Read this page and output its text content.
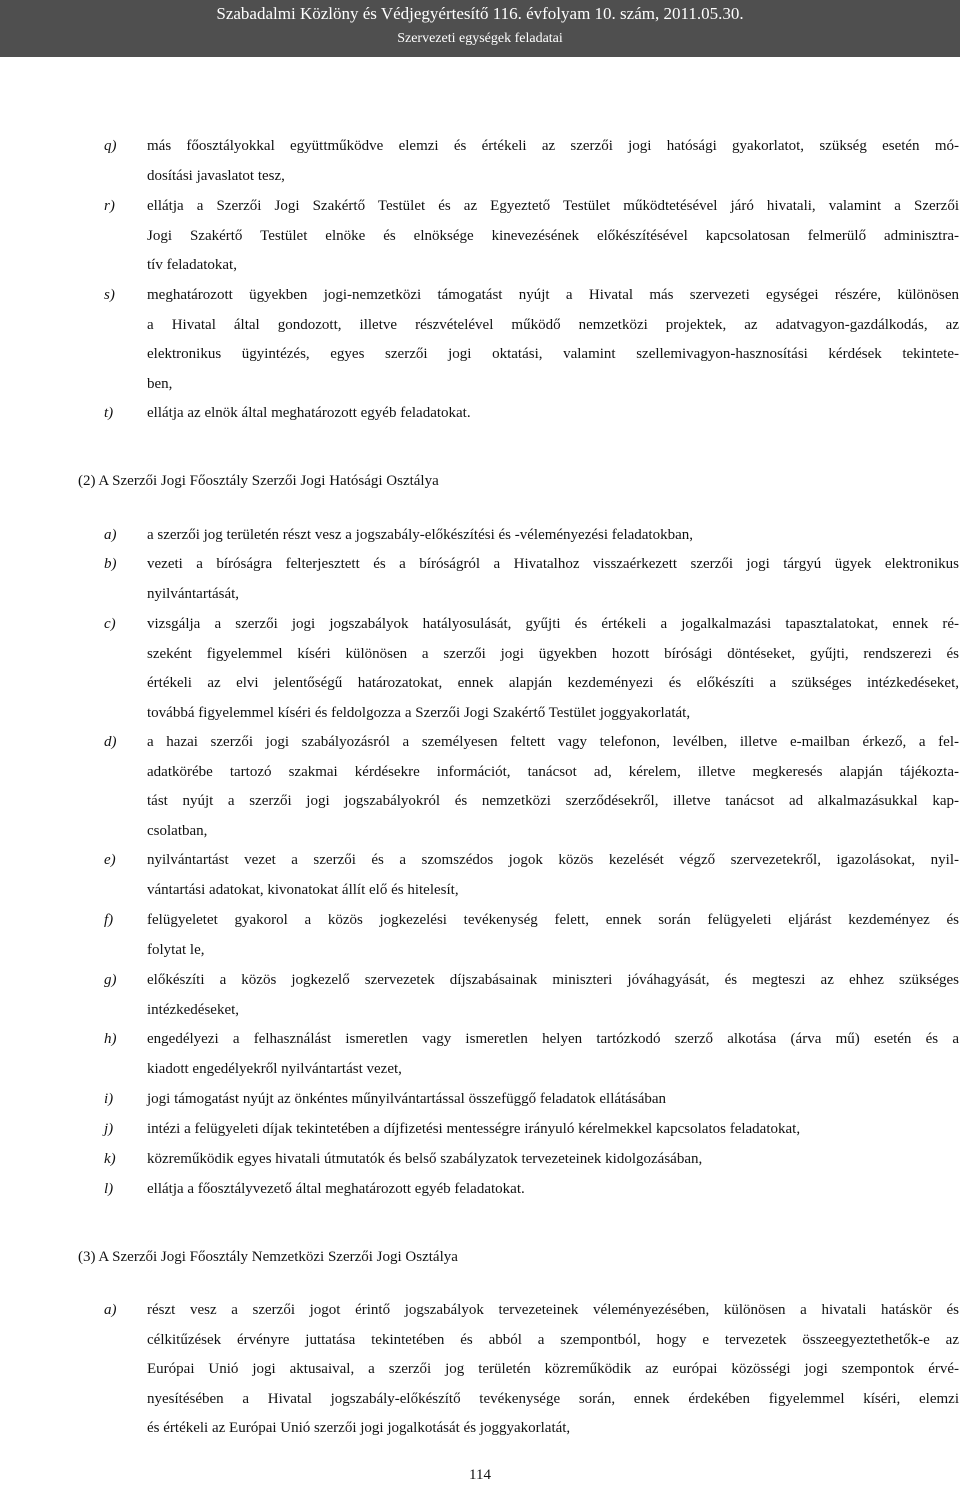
Szabadalmi Közlöny és Védjegyértesítő 116. évfolyam 10. szám, 2011.05.30.
Szervezeti egységek feladatai
q)	más főosztályokkal együttműködve elemzi és értékeli az szerzői jogi hatósági gyakorlatot, szükség esetén mó-
dosítási javaslatot tesz,
r)	ellátja a Szerzői Jogi Szakértő Testület és az Egyeztető Testület működtetésével járó hivatali, valamint a Szerzői
Jogi Szakértő Testület elnöke és elnöksége kinevezésének előkészítésével kapcsolatosan felmerülő adminisztra-
tív feladatokat,
s)	meghatározott ügyekben jogi-nemzetközi támogatást nyújt a Hivatal más szervezeti egységei részére, különösen
a Hivatal által gondozott, illetve részvételével működő nemzetközi projektek, az adatvagyon-gazdálkodás, az
elektronikus ügyintézés, egyes szerzői jogi oktatási, valamint szellemivagyon-hasznosítási kérdések tekintete-
ben,
t)	ellátja az elnök által meghatározott egyéb feladatokat.
(2) A Szerzői Jogi Főosztály Szerzői Jogi Hatósági Osztálya
a)	a szerzői jog területén részt vesz a jogszabály-előkészítési és -véleményezési feladatokban,
b)	vezeti a bíróságra felterjesztett és a bíróságról a Hivatalhoz visszaérkezett szerzői jogi tárgyú ügyek elektronikus
nyilvántartását,
c)	vizsgálja a szerzői jogi jogszabályok hatályosulását, gyűjti és értékeli a jogalkalmazási tapasztalatokat, ennek ré-
szeként figyelemmel kíséri különösen a szerzői jogi ügyekben hozott bírósági döntéseket, gyűjti, rendszerezi és
értékeli az elvi jelentőségű határozatokat, ennek alapján kezdeményezi és előkészíti a szükséges intézkedéseket,
továbbá figyelemmel kíséri és feldolgozza a Szerzői Jogi Szakértő Testület joggyakorlatát,
d)	a hazai szerzői jogi szabályozásról a személyesen feltett vagy telefonon, levélben, illetve e-mailban érkező, a fel-
adatkörébe tartozó szakmai kérdésekre információt, tanácsot ad, kérelem, illetve megkeresés alapján tájékozta-
tást nyújt a szerzői jogi jogszabályokról és nemzetközi szerződésekről, illetve tanácsot ad alkalmazásukkal kap-
csolatban,
e)	nyilvántartást vezet a szerzői és a szomszédos jogok közös kezelését végző szervezetekről, igazolásokat, nyil-
vántartási adatokat, kivonatokat állít elő és hitelesít,
f)	felügyeletet gyakorol a közös jogkezelési tevékenység felett, ennek során felügyeleti eljárást kezdeményez és
folytat le,
g)	előkészíti a közös jogkezelő szervezetek díjszabásainak miniszteri jóváhagyását, és megteszi az ehhez szükséges
intézkedéseket,
h)	engedélyezi a felhasználást ismeretlen vagy ismeretlen helyen tartózkodó szerző alkotása (árva mű) esetén és a
kiadott engedélyekről nyilvántartást vezet,
i)	jogi támogatást nyújt az önkéntes műnyilvántartással összefüggő feladatok ellátásában
j)	intézi a felügyeleti díjak tekintetében a díjfizetési mentességre irányuló kérelmekkel kapcsolatos feladatokat,
k)	közreműködik egyes hivatali útmutatók és belső szabályzatok tervezeteinek kidolgozásában,
l)	ellátja a főosztályvezető által meghatározott egyéb feladatokat.
(3) A Szerzői Jogi Főosztály Nemzetközi Szerzői Jogi Osztálya
a)	részt vesz a szerzői jogot érintő jogszabályok tervezeteinek véleményezésében, különösen a hivatali hatáskör és
célkitűzések érvényre juttatása tekintetében és abból a szempontból, hogy e tervezetek összeegyeztethetők-e az
Európai Unió jogi aktusaival, a szerzői jog területén közreműködik az európai közösségi jogi szempontok érvé-
nyesítésében a Hivatal jogszabály-előkészítő tevékenysége során, ennek érdekében figyelemmel kíséri, elemzi
és értékeli az Európai Unió szerzői jogi jogalkotását és joggyakorlatát,
114
